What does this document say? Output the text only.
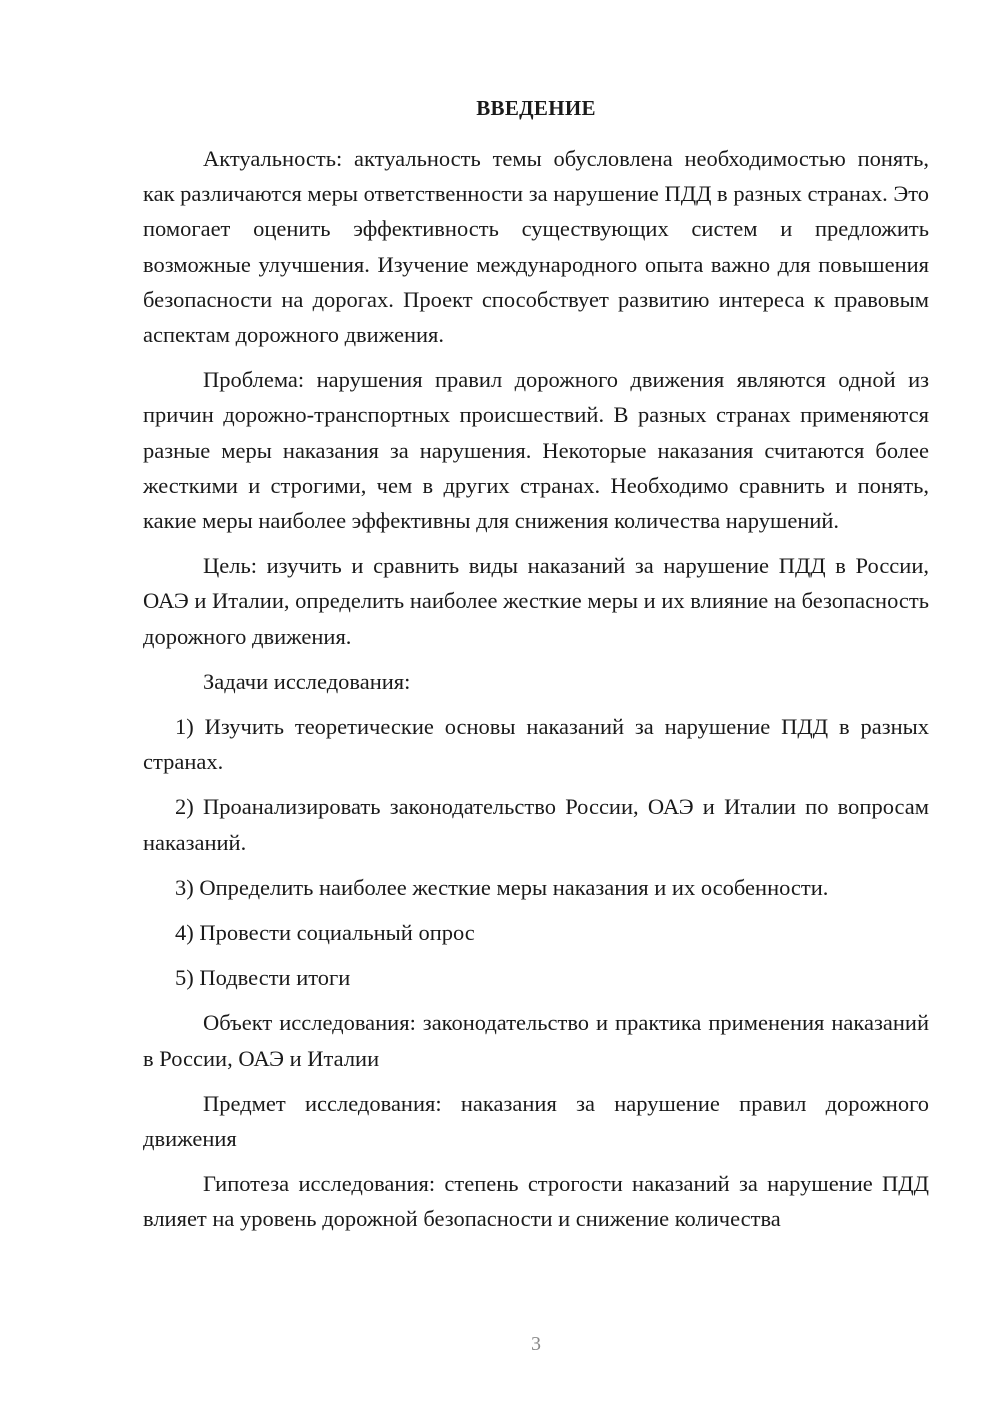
ВВЕДЕНИЕ

Актуальность: актуальность темы обусловлена необходимостью понять, как различаются меры ответственности за нарушение ПДД в разных странах. Это помогает оценить эффективность существующих систем и предложить возможные улучшения. Изучение международного опыта важно для повышения безопасности на дорогах. Проект способствует развитию интереса к правовым аспектам дорожного движения.

Проблема: нарушения правил дорожного движения являются одной из причин дорожно-транспортных происшествий. В разных странах применяются разные меры наказания за нарушения. Некоторые наказания считаются более жесткими и строгими, чем в других странах. Необходимо сравнить и понять, какие меры наиболее эффективны для снижения количества нарушений.

Цель: изучить и сравнить виды наказаний за нарушение ПДД в России, ОАЭ и Италии, определить наиболее жесткие меры и их влияние на безопасность дорожного движения.

Задачи исследования:

1) Изучить теоретические основы наказаний за нарушение ПДД в разных странах.

2) Проанализировать законодательство России, ОАЭ и Италии по вопросам наказаний.

3) Определить наиболее жесткие меры наказания и их особенности.

4) Провести социальный опрос

5) Подвести итоги

Объект исследования: законодательство и практика применения наказаний в России, ОАЭ и Италии

Предмет исследования: наказания за нарушение правил дорожного движения

Гипотеза исследования: степень строгости наказаний за нарушение ПДД влияет на уровень дорожной безопасности и снижение количества

3
